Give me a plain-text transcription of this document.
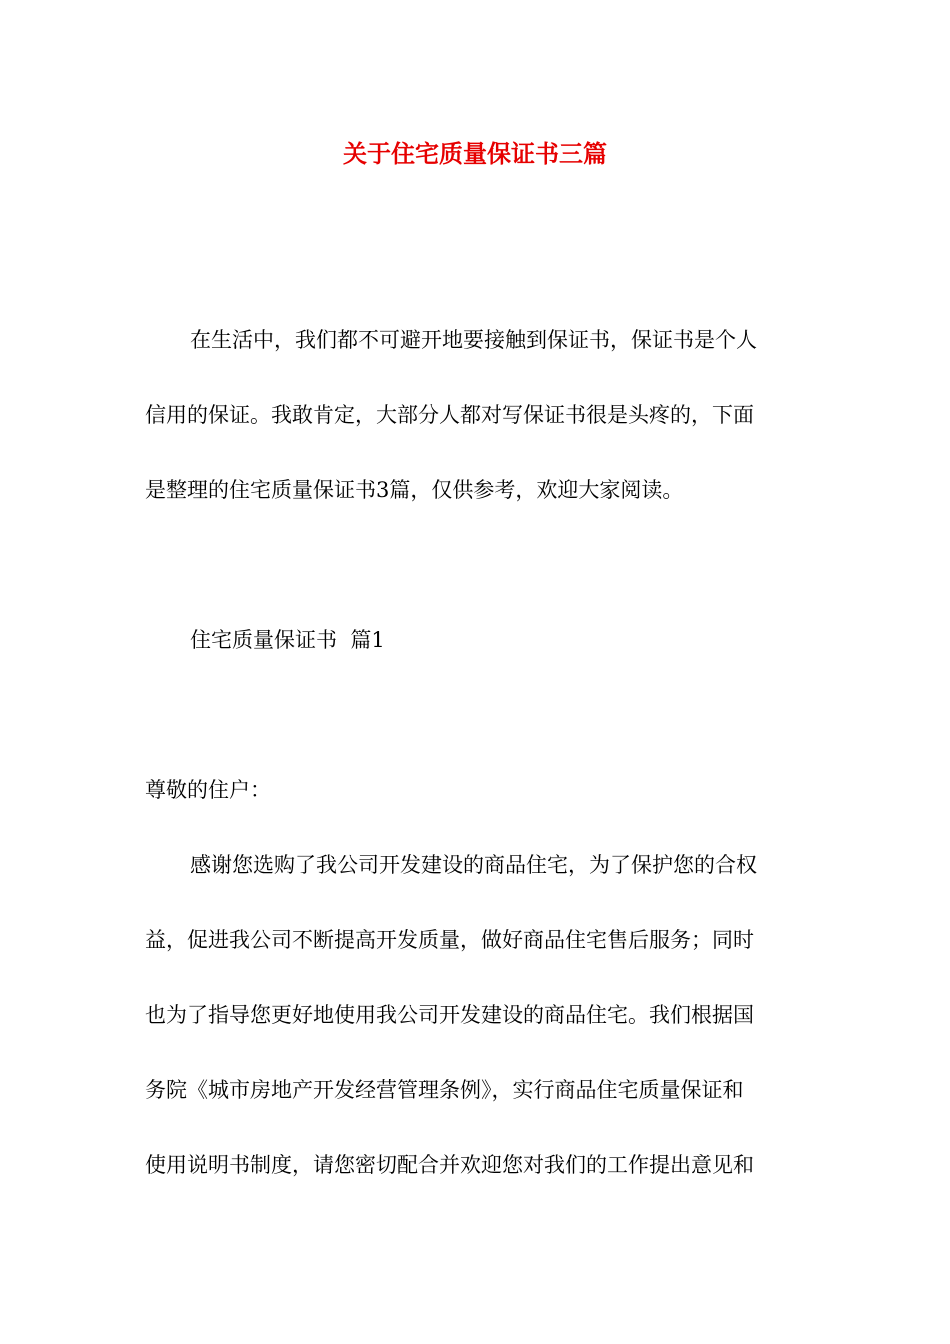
关于住宅质量保证书三篇
在生活中，我们都不可避开地要接触到保证书，保证书是个人
信用的保证。我敢肯定，大部分人都对写保证书很是头疼的，下面
是整理的住宅质量保证书3篇，仅供参考，欢迎大家阅读。
住宅质量保证书  篇1
尊敬的住户：
感谢您选购了我公司开发建设的商品住宅，为了保护您的合权
益，促进我公司不断提高开发质量，做好商品住宅售后服务；同时
也为了指导您更好地使用我公司开发建设的商品住宅。我们根据国
务院《城市房地产开发经营管理条例》，实行商品住宅质量保证和
使用说明书制度，请您密切配合并欢迎您对我们的工作提出意见和
